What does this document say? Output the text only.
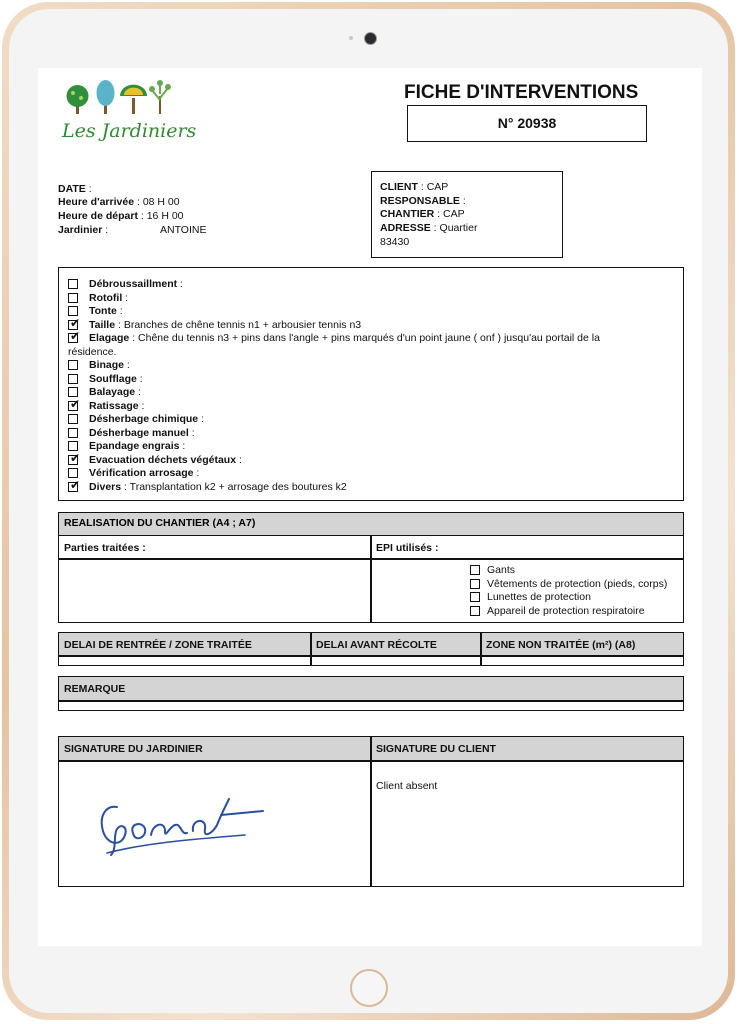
Les Jardiniers
FICHE D'INTERVENTIONS
N° 20938
DATE :
Heure d'arrivée : 08 H 00
Heure de départ : 16 H 00
Jardinier :	ANTOINE
CLIENT : CAP
RESPONSABLE :
CHANTIER : CAP
ADRESSE : Quartier
83430
Débroussaillment :
Rotofil :
Tonte :
✔ Taille : Branches de chêne tennis n1 + arbousier tennis n3
✔ Elagage : Chêne du tennis n3 + pins dans l'angle + pins marqués d'un point jaune ( onf ) jusqu'au portail de la
résidence.
Binage :
Soufflage :
Balayage :
✔ Ratissage :
Désherbage chimique :
Désherbage manuel :
Epandage engrais :
✔ Evacuation déchets végétaux :
Vérification arrosage :
✔ Divers : Transplantation k2 + arrosage des boutures k2
REALISATION DU CHANTIER (A4 ; A7)
Parties traitées :	EPI utilisés :
Gants
Vêtements de protection (pieds, corps)
Lunettes de protection
Appareil de protection respiratoire
DELAI DE RENTRÉE / ZONE TRAITÉE	DELAI AVANT RÉCOLTE	ZONE NON TRAITÉE (m²) (A8)
REMARQUE
SIGNATURE DU JARDINIER	SIGNATURE DU CLIENT
Client absent
